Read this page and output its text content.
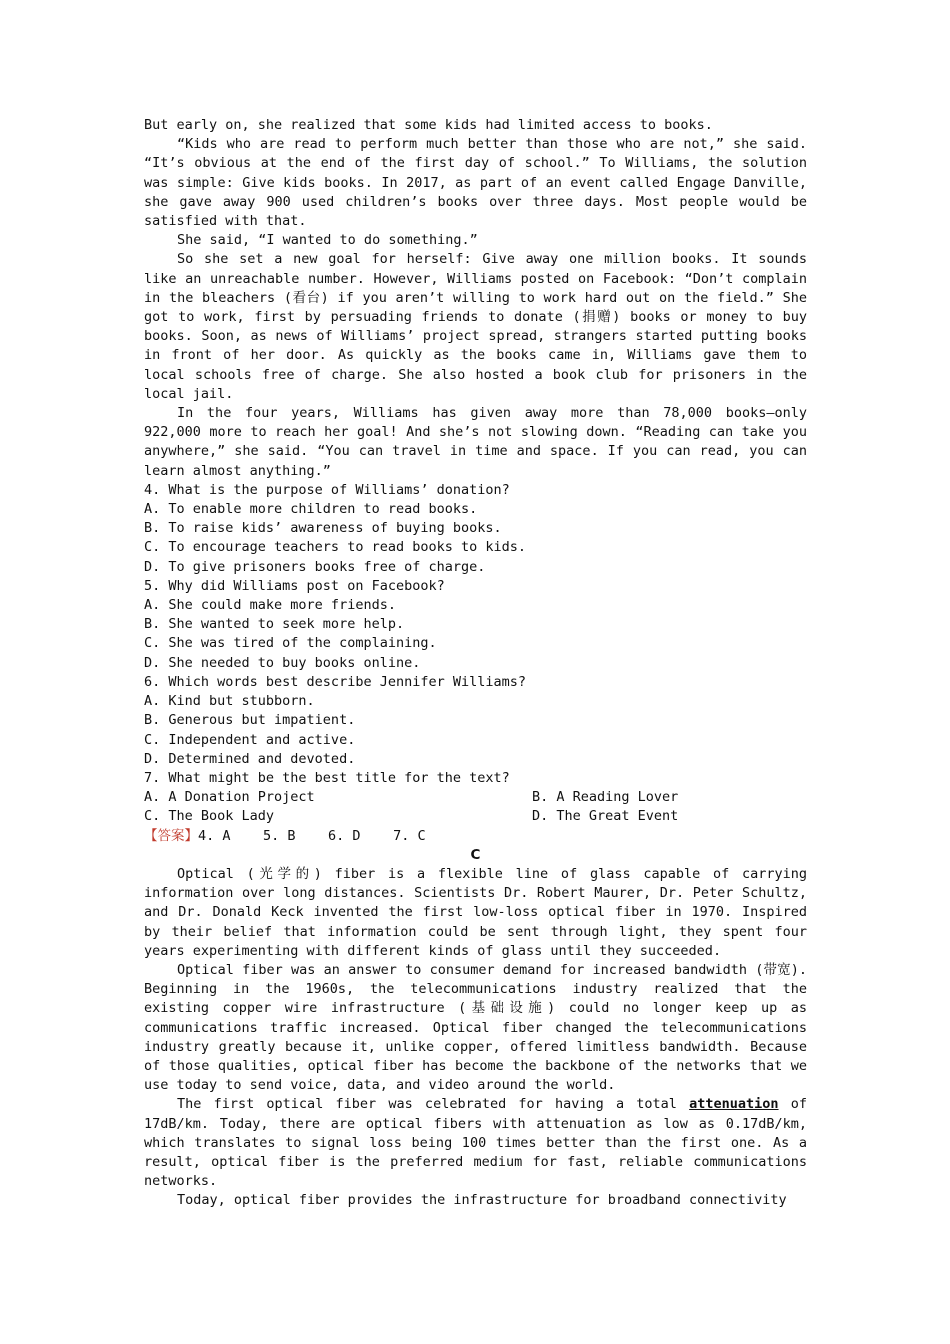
But early on, she realized that some kids had limited access to books.
“Kids who are read to perform much better than those who are not,” she said. “It’s obvious at the end of the first day of school.” To Williams, the solution was simple: Give kids books. In 2017, as part of an event called Engage Danville, she gave away 900 used children’s books over three days. Most people would be satisfied with that.
She said, “I wanted to do something.”
So she set a new goal for herself: Give away one million books. It sounds like an unreachable number. However, Williams posted on Facebook: “Don’t complain in the bleachers (看台) if you aren’t willing to work hard out on the field.” She got to work, first by persuading friends to donate (捐赠) books or money to buy books. Soon, as news of Williams’ project spread, strangers started putting books in front of her door. As quickly as the books came in, Williams gave them to local schools free of charge. She also hosted a book club for prisoners in the local jail.
In the four years, Williams has given away more than 78,000 books—only 922,000 more to reach her goal! And she’s not slowing down. “Reading can take you anywhere,” she said. “You can travel in time and space. If you can read, you can learn almost anything.”
4. What is the purpose of Williams’ donation?
A. To enable more children to read books.
B. To raise kids’ awareness of buying books.
C. To encourage teachers to read books to kids.
D. To give prisoners books free of charge.
5. Why did Williams post on Facebook?
A. She could make more friends.
B. She wanted to seek more help.
C. She was tired of the complaining.
D. She needed to buy books online.
6. Which words best describe Jennifer Williams?
A. Kind but stubborn.
B. Generous but impatient.
C. Independent and active.
D. Determined and devoted.
7. What might be the best title for the text?
A. A Donation Project	B. A Reading Lover
C. The Book Lady	D. The Great Event
【答案】4. A    5. B    6. D    7. C
C
Optical (光学的) fiber is a flexible line of glass capable of carrying information over long distances. Scientists Dr. Robert Maurer, Dr. Peter Schultz, and Dr. Donald Keck invented the first low-loss optical fiber in 1970. Inspired by their belief that information could be sent through light, they spent four years experimenting with different kinds of glass until they succeeded.
Optical fiber was an answer to consumer demand for increased bandwidth (带宽). Beginning in the 1960s, the telecommunications industry realized that the existing copper wire infrastructure (基础设施) could no longer keep up as communications traffic increased. Optical fiber changed the telecommunications industry greatly because it, unlike copper, offered limitless bandwidth. Because of those qualities, optical fiber has become the backbone of the networks that we use today to send voice, data, and video around the world.
The first optical fiber was celebrated for having a total attenuation of 17dB/km. Today, there are optical fibers with attenuation as low as 0.17dB/km, which translates to signal loss being 100 times better than the first one. As a result, optical fiber is the preferred medium for fast, reliable communications networks.
Today, optical fiber provides the infrastructure for broadband connectivity
